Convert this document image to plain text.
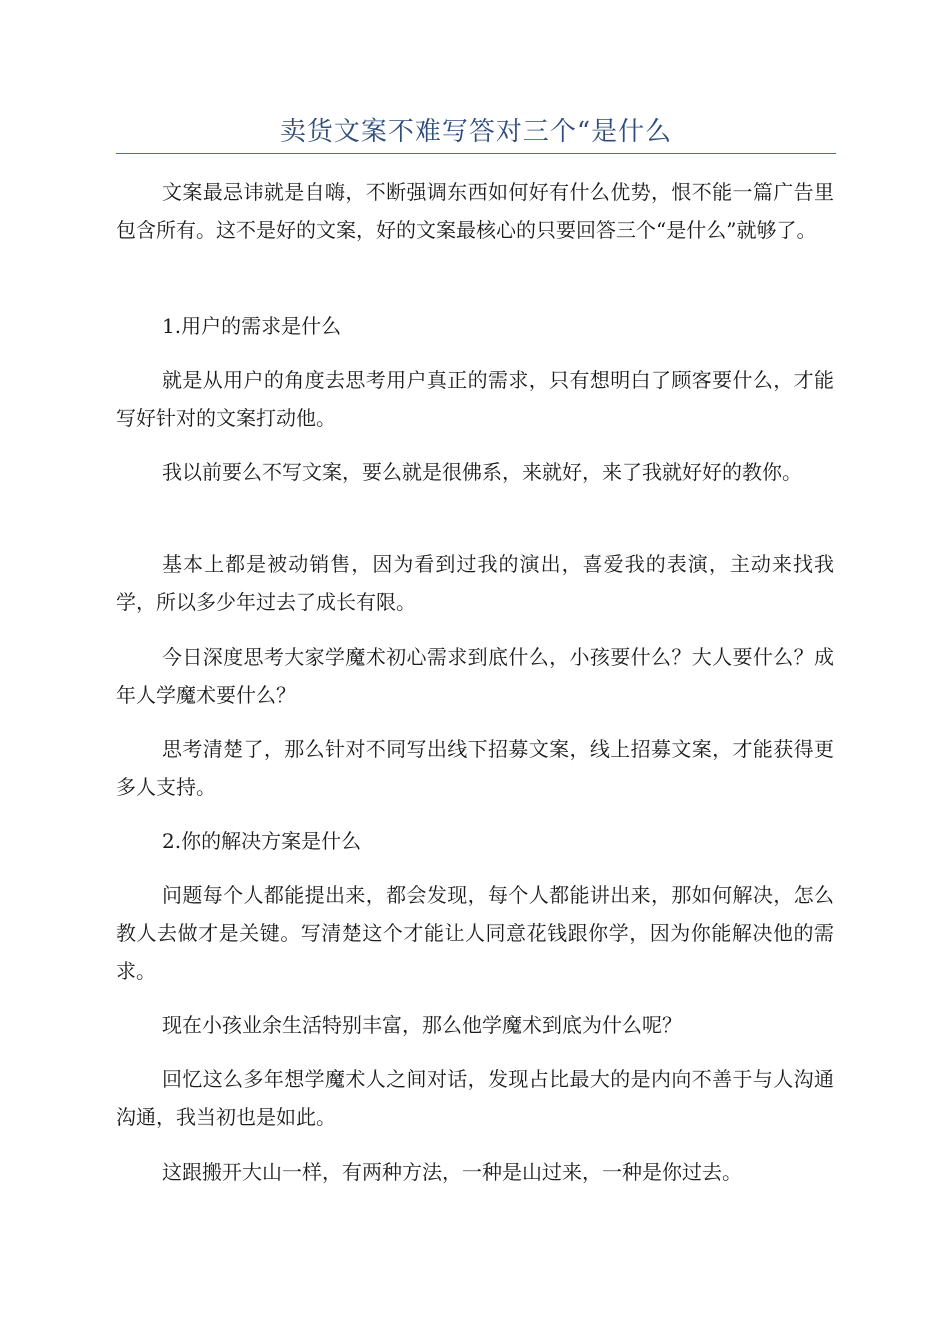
卖货文案不难写答对三个“是什么

文案最忌讳就是自嗨，不断强调东西如何好有什么优势，恨不能一篇广告里包含所有。这不是好的文案，好的文案最核心的只要回答三个“是什么”就够了。

1.用户的需求是什么

就是从用户的角度去思考用户真正的需求，只有想明白了顾客要什么，才能写好针对的文案打动他。

我以前要么不写文案，要么就是很佛系，来就好，来了我就好好的教你。

基本上都是被动销售，因为看到过我的演出，喜爱我的表演，主动来找我学，所以多少年过去了成长有限。

今日深度思考大家学魔术初心需求到底什么，小孩要什么？大人要什么？成年人学魔术要什么？

思考清楚了，那么针对不同写出线下招募文案，线上招募文案，才能获得更多人支持。

2.你的解决方案是什么

问题每个人都能提出来，都会发现，每个人都能讲出来，那如何解决，怎么教人去做才是关键。写清楚这个才能让人同意花钱跟你学，因为你能解决他的需求。

现在小孩业余生活特别丰富，那么他学魔术到底为什么呢？

回忆这么多年想学魔术人之间对话，发现占比最大的是内向不善于与人沟通沟通，我当初也是如此。

这跟搬开大山一样，有两种方法，一种是山过来，一种是你过去。
